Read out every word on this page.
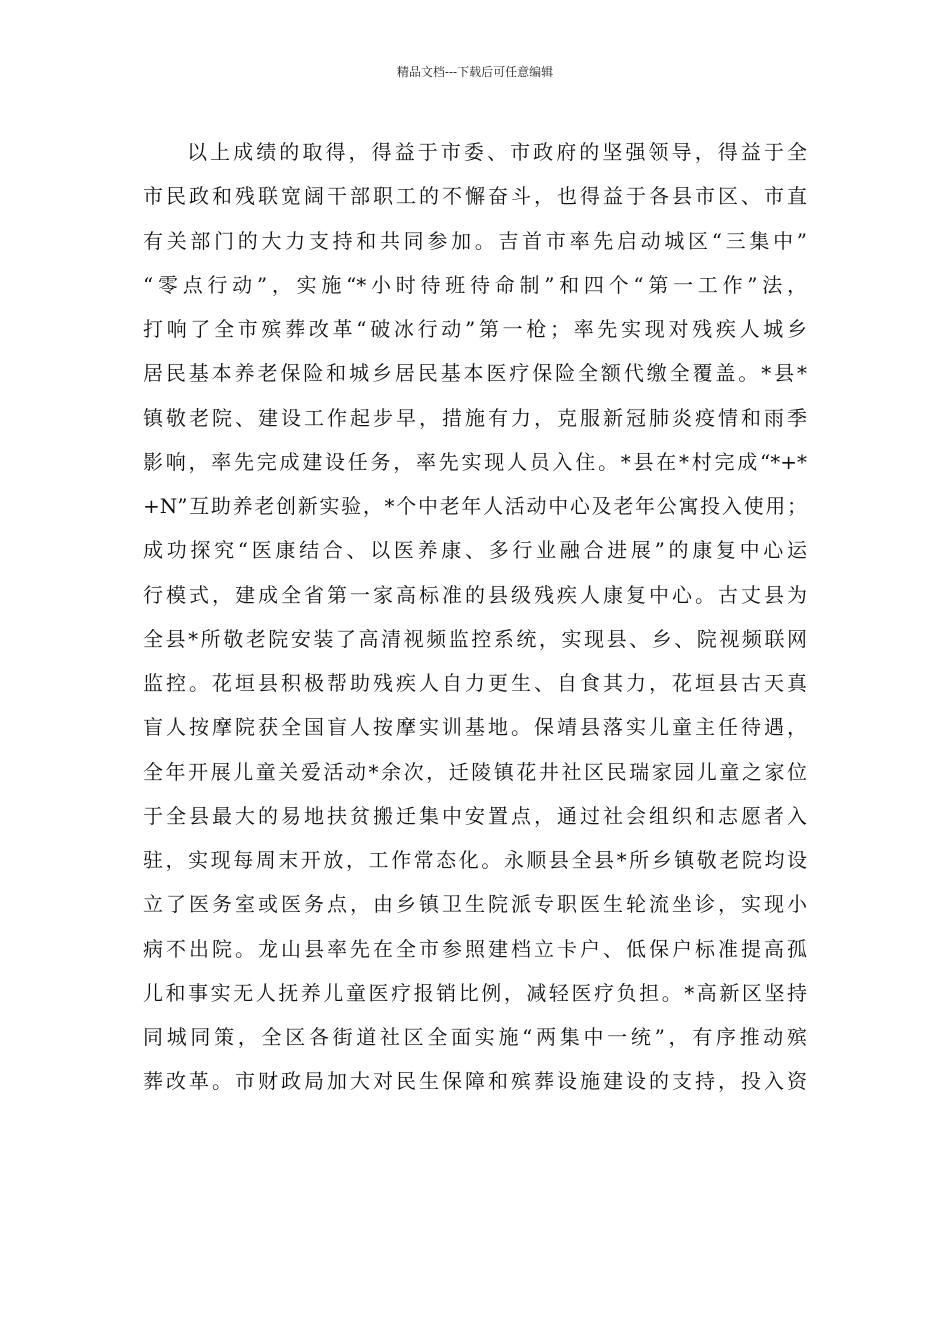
精品文档---下载后可任意编辑
以上成绩的取得，得益于市委、市政府的坚强领导，得益于全
市民政和残联宽阔干部职工的不懈奋斗，也得益于各县市区、市直
有关部门的大力支持和共同参加。吉首市率先启动城区“三集中”
“零点行动”，实施“*小时待班待命制”和四个“第一工作”法，
打响了全市殡葬改革“破冰行动”第一枪；率先实现对残疾人城乡
居民基本养老保险和城乡居民基本医疗保险全额代缴全覆盖。*县*
镇敬老院、建设工作起步早，措施有力，克服新冠肺炎疫情和雨季
影响，率先完成建设任务，率先实现人员入住。*县在*村完成“*+*
+N”互助养老创新实验，*个中老年人活动中心及老年公寓投入使用；
成功探究“医康结合、以医养康、多行业融合进展”的康复中心运
行模式，建成全省第一家高标准的县级残疾人康复中心。古丈县为
全县*所敬老院安装了高清视频监控系统，实现县、乡、院视频联网
监控。花垣县积极帮助残疾人自力更生、自食其力，花垣县古天真
盲人按摩院获全国盲人按摩实训基地。保靖县落实儿童主任待遇，
全年开展儿童关爱活动*余次，迁陵镇花井社区民瑞家园儿童之家位
于全县最大的易地扶贫搬迁集中安置点，通过社会组织和志愿者入
驻，实现每周末开放，工作常态化。永顺县全县*所乡镇敬老院均设
立了医务室或医务点，由乡镇卫生院派专职医生轮流坐诊，实现小
病不出院。龙山县率先在全市参照建档立卡户、低保户标准提高孤
儿和事实无人抚养儿童医疗报销比例，减轻医疗负担。*高新区坚持
同城同策，全区各街道社区全面实施“两集中一统”，有序推动殡
葬改革。市财政局加大对民生保障和殡葬设施建设的支持，投入资
